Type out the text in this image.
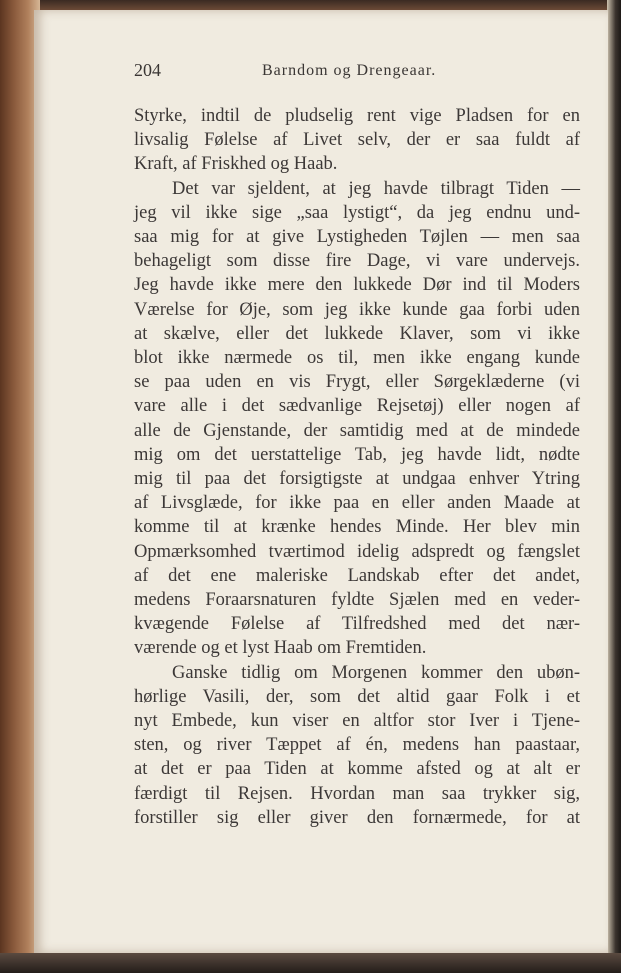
204	Barndom og Drengeaar.
Styrke, indtil de pludselig rent vige Pladsen for en
livsalig Følelse af Livet selv, der er saa fuldt af
Kraft, af Friskhed og Haab.
Det var sjeldent, at jeg havde tilbragt Tiden —
jeg vil ikke sige „saa lystigt“, da jeg endnu und-
saa mig for at give Lystigheden Tøjlen — men saa
behageligt som disse fire Dage, vi vare undervejs.
Jeg havde ikke mere den lukkede Dør ind til Moders
Værelse for Øje, som jeg ikke kunde gaa forbi uden
at skælve, eller det lukkede Klaver, som vi ikke
blot ikke nærmede os til, men ikke engang kunde
se paa uden en vis Frygt, eller Sørgeklæderne (vi
vare alle i det sædvanlige Rejsetøj) eller nogen af
alle de Gjenstande, der samtidig med at de mindede
mig om det uerstattelige Tab, jeg havde lidt, nødte
mig til paa det forsigtigste at undgaa enhver Ytring
af Livsglæde, for ikke paa en eller anden Maade at
komme til at krænke hendes Minde. Her blev min
Opmærksomhed tværtimod idelig adspredt og fængslet
af det ene maleriske Landskab efter det andet,
medens Foraarsnaturen fyldte Sjælen med en veder-
kvægende Følelse af Tilfredshed med det nær-
værende og et lyst Haab om Fremtiden.
Ganske tidlig om Morgenen kommer den ubøn-
hørlige Vasili, der, som det altid gaar Folk i et
nyt Embede, kun viser en altfor stor Iver i Tjene-
sten, og river Tæppet af én, medens han paastaar,
at det er paa Tiden at komme afsted og at alt er
færdigt til Rejsen. Hvordan man saa trykker sig,
forstiller sig eller giver den fornærmede, for at
